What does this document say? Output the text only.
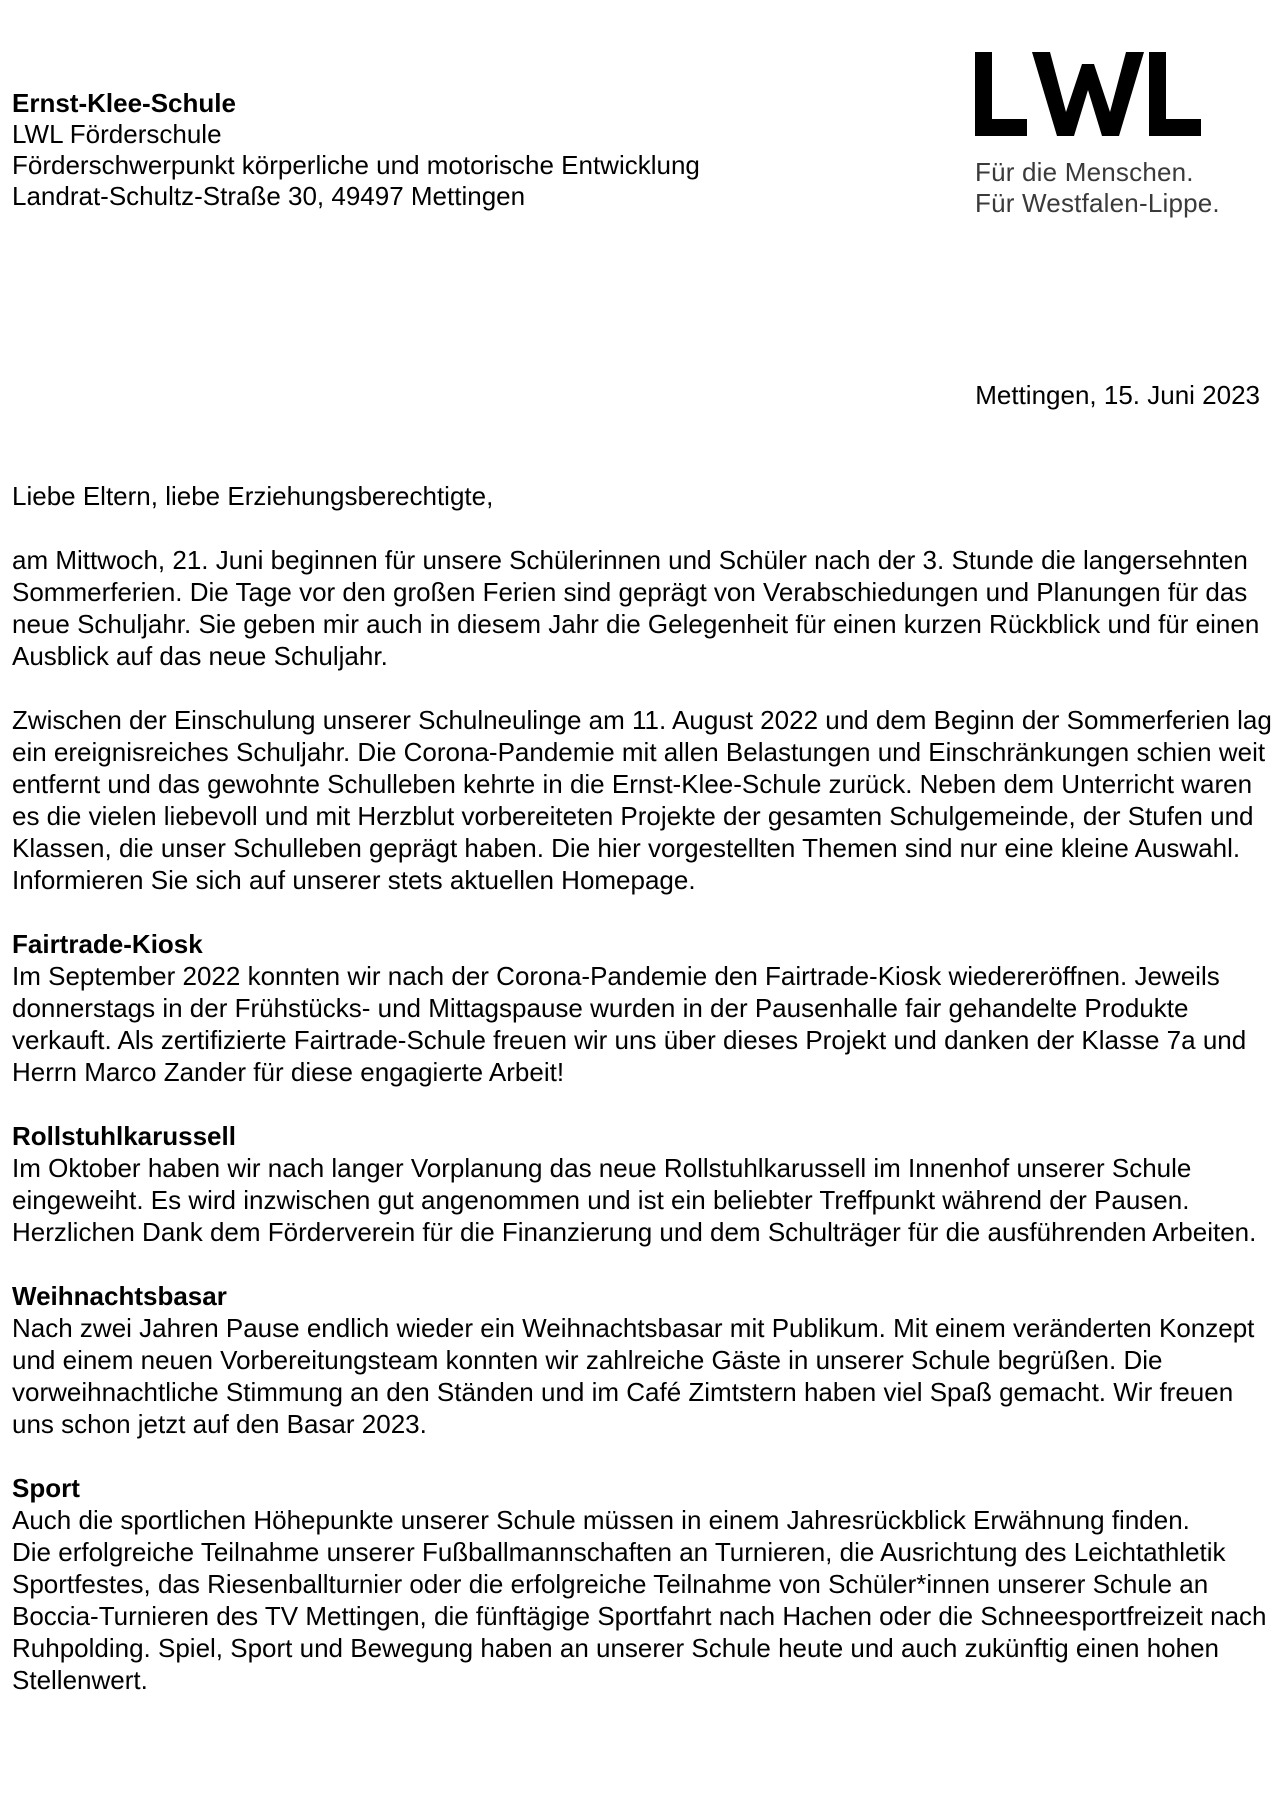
Ernst-Klee-Schule
LWL Förderschule
Förderschwerpunkt körperliche und motorische Entwicklung
Landrat-Schultz-Straße 30, 49497 Mettingen
Für die Menschen.
Für Westfalen-Lippe.
Mettingen, 15. Juni 2023

Liebe Eltern, liebe Erziehungsberechtigte,

am Mittwoch, 21. Juni beginnen für unsere Schülerinnen und Schüler nach der 3. Stunde die langersehnten Sommerferien. Die Tage vor den großen Ferien sind geprägt von Verabschiedungen und Planungen für das neue Schuljahr. Sie geben mir auch in diesem Jahr die Gelegenheit für einen kurzen Rückblick und für einen Ausblick auf das neue Schuljahr.

Zwischen der Einschulung unserer Schulneulinge am 11. August 2022 und dem Beginn der Sommerferien lag ein ereignisreiches Schuljahr. Die Corona-Pandemie mit allen Belastungen und Einschränkungen schien weit entfernt und das gewohnte Schulleben kehrte in die Ernst-Klee-Schule zurück. Neben dem Unterricht waren es die vielen liebevoll und mit Herzblut vorbereiteten Projekte der gesamten Schulgemeinde, der Stufen und Klassen, die unser Schulleben geprägt haben. Die hier vorgestellten Themen sind nur eine kleine Auswahl. Informieren Sie sich auf unserer stets aktuellen Homepage.

Fairtrade-Kiosk

Im September 2022 konnten wir nach der Corona-Pandemie den Fairtrade-Kiosk wiedereröffnen. Jeweils donnerstags in der Frühstücks- und Mittagspause wurden in der Pausenhalle fair gehandelte Produkte verkauft. Als zertifizierte Fairtrade-Schule freuen wir uns über dieses Projekt und danken der Klasse 7a und Herrn Marco Zander für diese engagierte Arbeit!

Rollstuhlkarussell

Im Oktober haben wir nach langer Vorplanung das neue Rollstuhlkarussell im Innenhof unserer Schule eingeweiht. Es wird inzwischen gut angenommen und ist ein beliebter Treffpunkt während der Pausen. Herzlichen Dank dem Förderverein für die Finanzierung und dem Schulträger für die ausführenden Arbeiten.

Weihnachtsbasar

Nach zwei Jahren Pause endlich wieder ein Weihnachtsbasar mit Publikum. Mit einem veränderten Konzept und einem neuen Vorbereitungsteam konnten wir zahlreiche Gäste in unserer Schule begrüßen. Die vorweihnachtliche Stimmung an den Ständen und im Café Zimtstern haben viel Spaß gemacht. Wir freuen uns schon jetzt auf den Basar 2023.

Sport

Auch die sportlichen Höhepunkte unserer Schule müssen in einem Jahresrückblick Erwähnung finden.

Die erfolgreiche Teilnahme unserer Fußballmannschaften an Turnieren, die Ausrichtung des Leichtathletik Sportfestes, das Riesenballturnier oder die erfolgreiche Teilnahme von Schüler*innen unserer Schule an Boccia-Turnieren des TV Mettingen, die fünftägige Sportfahrt nach Hachen oder die Schneesportfreizeit nach Ruhpolding. Spiel, Sport und Bewegung haben an unserer Schule heute und auch zukünftig einen hohen Stellenwert.
